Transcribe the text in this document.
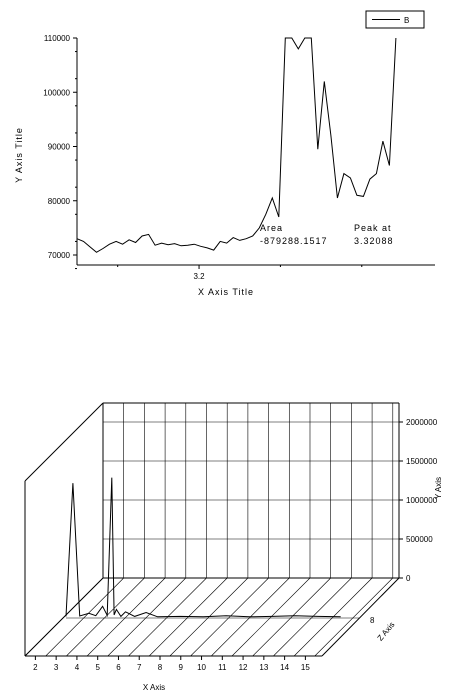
70000
80000
90000
100000
110000
3.2
X Axis Title
Y Axis Title
B
Area
-879288.1517
Peak at
3.32088
0
500000
1000000
1500000
2000000
2 3 4 5 6 7 8 9 10 11 12 13 14 15
X Axis
Y Axis
Z Axis
8
